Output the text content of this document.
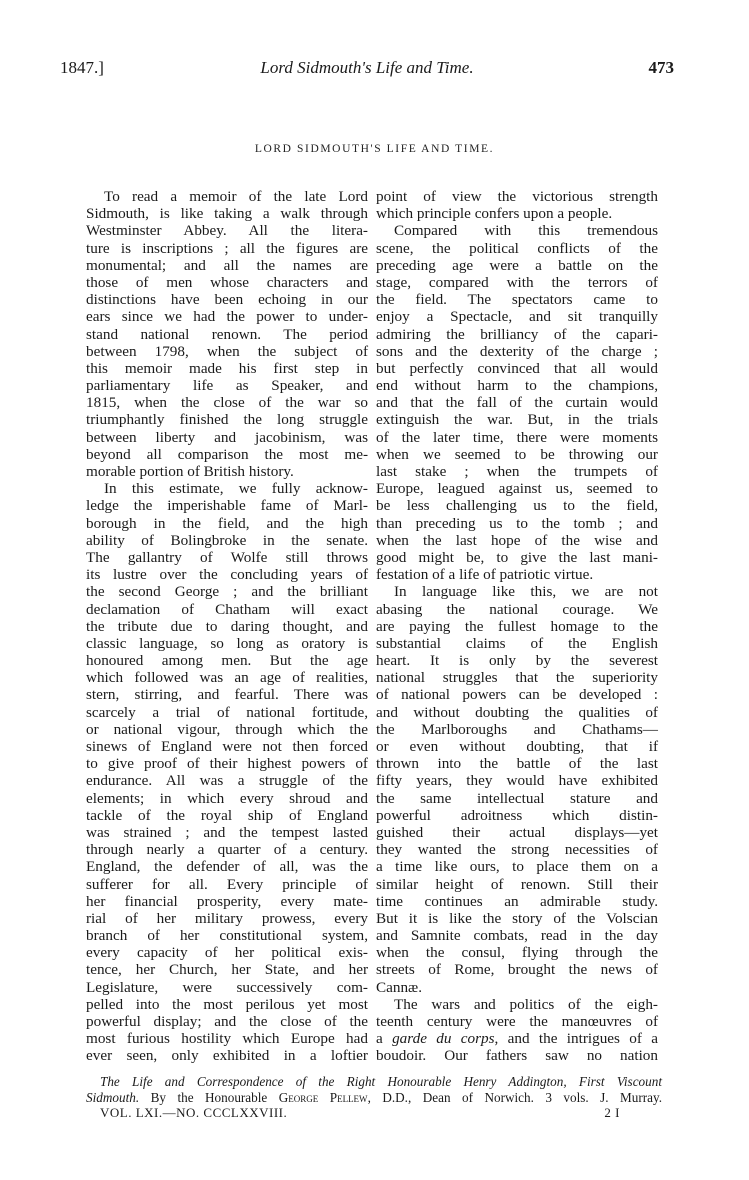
1847.]	Lord Sidmouth's Life and Time.	473
LORD SIDMOUTH'S LIFE AND TIME.
To read a memoir of the late Lord
Sidmouth, is like taking a walk through
Westminster Abbey. All the litera-
ture is inscriptions ; all the figures are
monumental; and all the names are
those of men whose characters and
distinctions have been echoing in our
ears since we had the power to under-
stand national renown. The period
between 1798, when the subject of
this memoir made his first step in
parliamentary life as Speaker, and
1815, when the close of the war so
triumphantly finished the long struggle
between liberty and jacobinism, was
beyond all comparison the most me-
morable portion of British history.
In this estimate, we fully acknow-
ledge the imperishable fame of Marl-
borough in the field, and the high
ability of Bolingbroke in the senate.
The gallantry of Wolfe still throws
its lustre over the concluding years of
the second George ; and the brilliant
declamation of Chatham will exact
the tribute due to daring thought, and
classic language, so long as oratory is
honoured among men. But the age
which followed was an age of realities,
stern, stirring, and fearful. There was
scarcely a trial of national fortitude,
or national vigour, through which the
sinews of England were not then forced
to give proof of their highest powers of
endurance. All was a struggle of the
elements; in which every shroud and
tackle of the royal ship of England
was strained ; and the tempest lasted
through nearly a quarter of a century.
England, the defender of all, was the
sufferer for all. Every principle of
her financial prosperity, every mate-
rial of her military prowess, every
branch of her constitutional system,
every capacity of her political exis-
tence, her Church, her State, and her
Legislature, were successively com-
pelled into the most perilous yet most
powerful display; and the close of the
most furious hostility which Europe had
ever seen, only exhibited in a loftier
point of view the victorious strength
which principle confers upon a people.
Compared with this tremendous
scene, the political conflicts of the
preceding age were a battle on the
stage, compared with the terrors of
the field. The spectators came to
enjoy a Spectacle, and sit tranquilly
admiring the brilliancy of the capari-
sons and the dexterity of the charge ;
but perfectly convinced that all would
end without harm to the champions,
and that the fall of the curtain would
extinguish the war. But, in the trials
of the later time, there were moments
when we seemed to be throwing our
last stake ; when the trumpets of
Europe, leagued against us, seemed to
be less challenging us to the field,
than preceding us to the tomb ; and
when the last hope of the wise and
good might be, to give the last mani-
festation of a life of patriotic virtue.
In language like this, we are not
abasing the national courage. We
are paying the fullest homage to the
substantial claims of the English
heart. It is only by the severest
national struggles that the superiority
of national powers can be developed :
and without doubting the qualities of
the Marlboroughs and Chathams—
or even without doubting, that if
thrown into the battle of the last
fifty years, they would have exhibited
the same intellectual stature and
powerful adroitness which distin-
guished their actual displays—yet
they wanted the strong necessities of
a time like ours, to place them on a
similar height of renown. Still their
time continues an admirable study.
But it is like the story of the Volscian
and Samnite combats, read in the day
when the consul, flying through the
streets of Rome, brought the news of
Cannæ.
The wars and politics of the eigh-
teenth century were the manœuvres of
a garde du corps, and the intrigues of a
boudoir. Our fathers saw no nation
The Life and Correspondence of the Right Honourable Henry Addington, First Viscount
Sidmouth. By the Honourable George Pellew, D.D., Dean of Norwich. 3 vols. J. Murray.
VOL. LXI.—NO. CCCLXXVIII.	2 I
